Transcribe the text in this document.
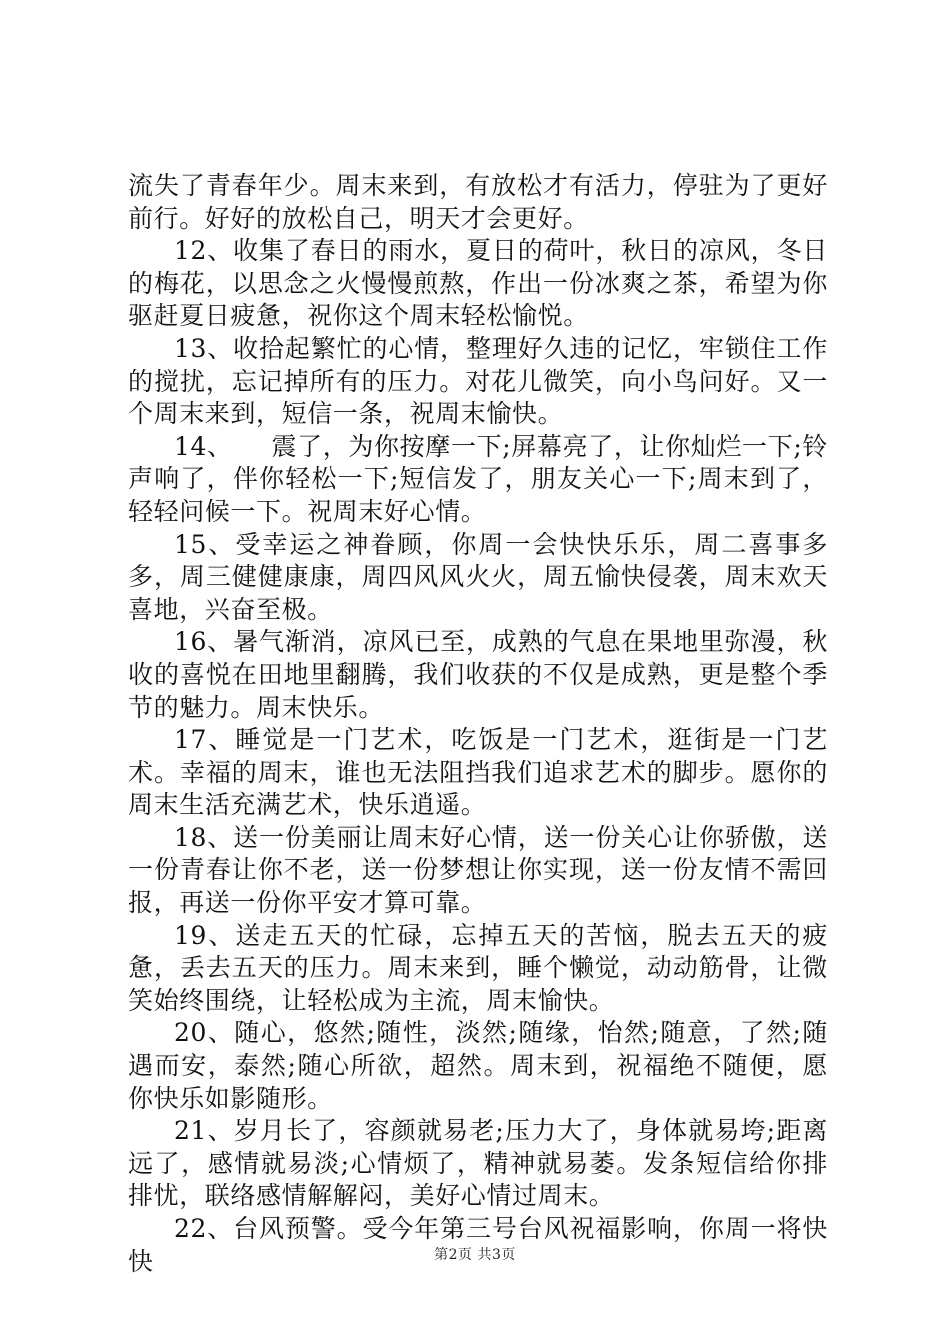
流失了青春年少。周末来到，有放松才有活力，停驻为了更好前行。好好的放松自己，明天才会更好。

12、收集了春日的雨水，夏日的荷叶，秋日的凉风，冬日的梅花，以思念之火慢慢煎熬，作出一份冰爽之茶，希望为你驱赶夏日疲惫，祝你这个周末轻松愉悦。

13、收拾起繁忙的心情，整理好久违的记忆，牢锁住工作的搅扰，忘记掉所有的压力。对花儿微笑，向小鸟问好。又一个周末来到，短信一条，祝周末愉快。

14、　　震了，为你按摩一下;屏幕亮了，让你灿烂一下;铃声响了，伴你轻松一下;短信发了，朋友关心一下;周末到了，轻轻问候一下。祝周末好心情。

15、受幸运之神眷顾，你周一会快快乐乐，周二喜事多多，周三健健康康，周四风风火火，周五愉快侵袭，周末欢天喜地，兴奋至极。

16、暑气渐消，凉风已至，成熟的气息在果地里弥漫，秋收的喜悦在田地里翻腾，我们收获的不仅是成熟，更是整个季节的魅力。周末快乐。

17、睡觉是一门艺术，吃饭是一门艺术，逛街是一门艺术。幸福的周末，谁也无法阻挡我们追求艺术的脚步。愿你的周末生活充满艺术，快乐逍遥。

18、送一份美丽让周末好心情，送一份关心让你骄傲，送一份青春让你不老，送一份梦想让你实现，送一份友情不需回报，再送一份你平安才算可靠。

19、送走五天的忙碌，忘掉五天的苦恼，脱去五天的疲惫，丢去五天的压力。周末来到，睡个懒觉，动动筋骨，让微笑始终围绕，让轻松成为主流，周末愉快。

20、随心，悠然;随性，淡然;随缘，怡然;随意，了然;随遇而安，泰然;随心所欲，超然。周末到，祝福绝不随便，愿你快乐如影随形。

21、岁月长了，容颜就易老;压力大了，身体就易垮;距离远了，感情就易淡;心情烦了，精神就易萎。发条短信给你排排忧，联络感情解解闷，美好心情过周末。

22、台风预警。受今年第三号台风祝福影响，你周一将快快	第2页 共3页
